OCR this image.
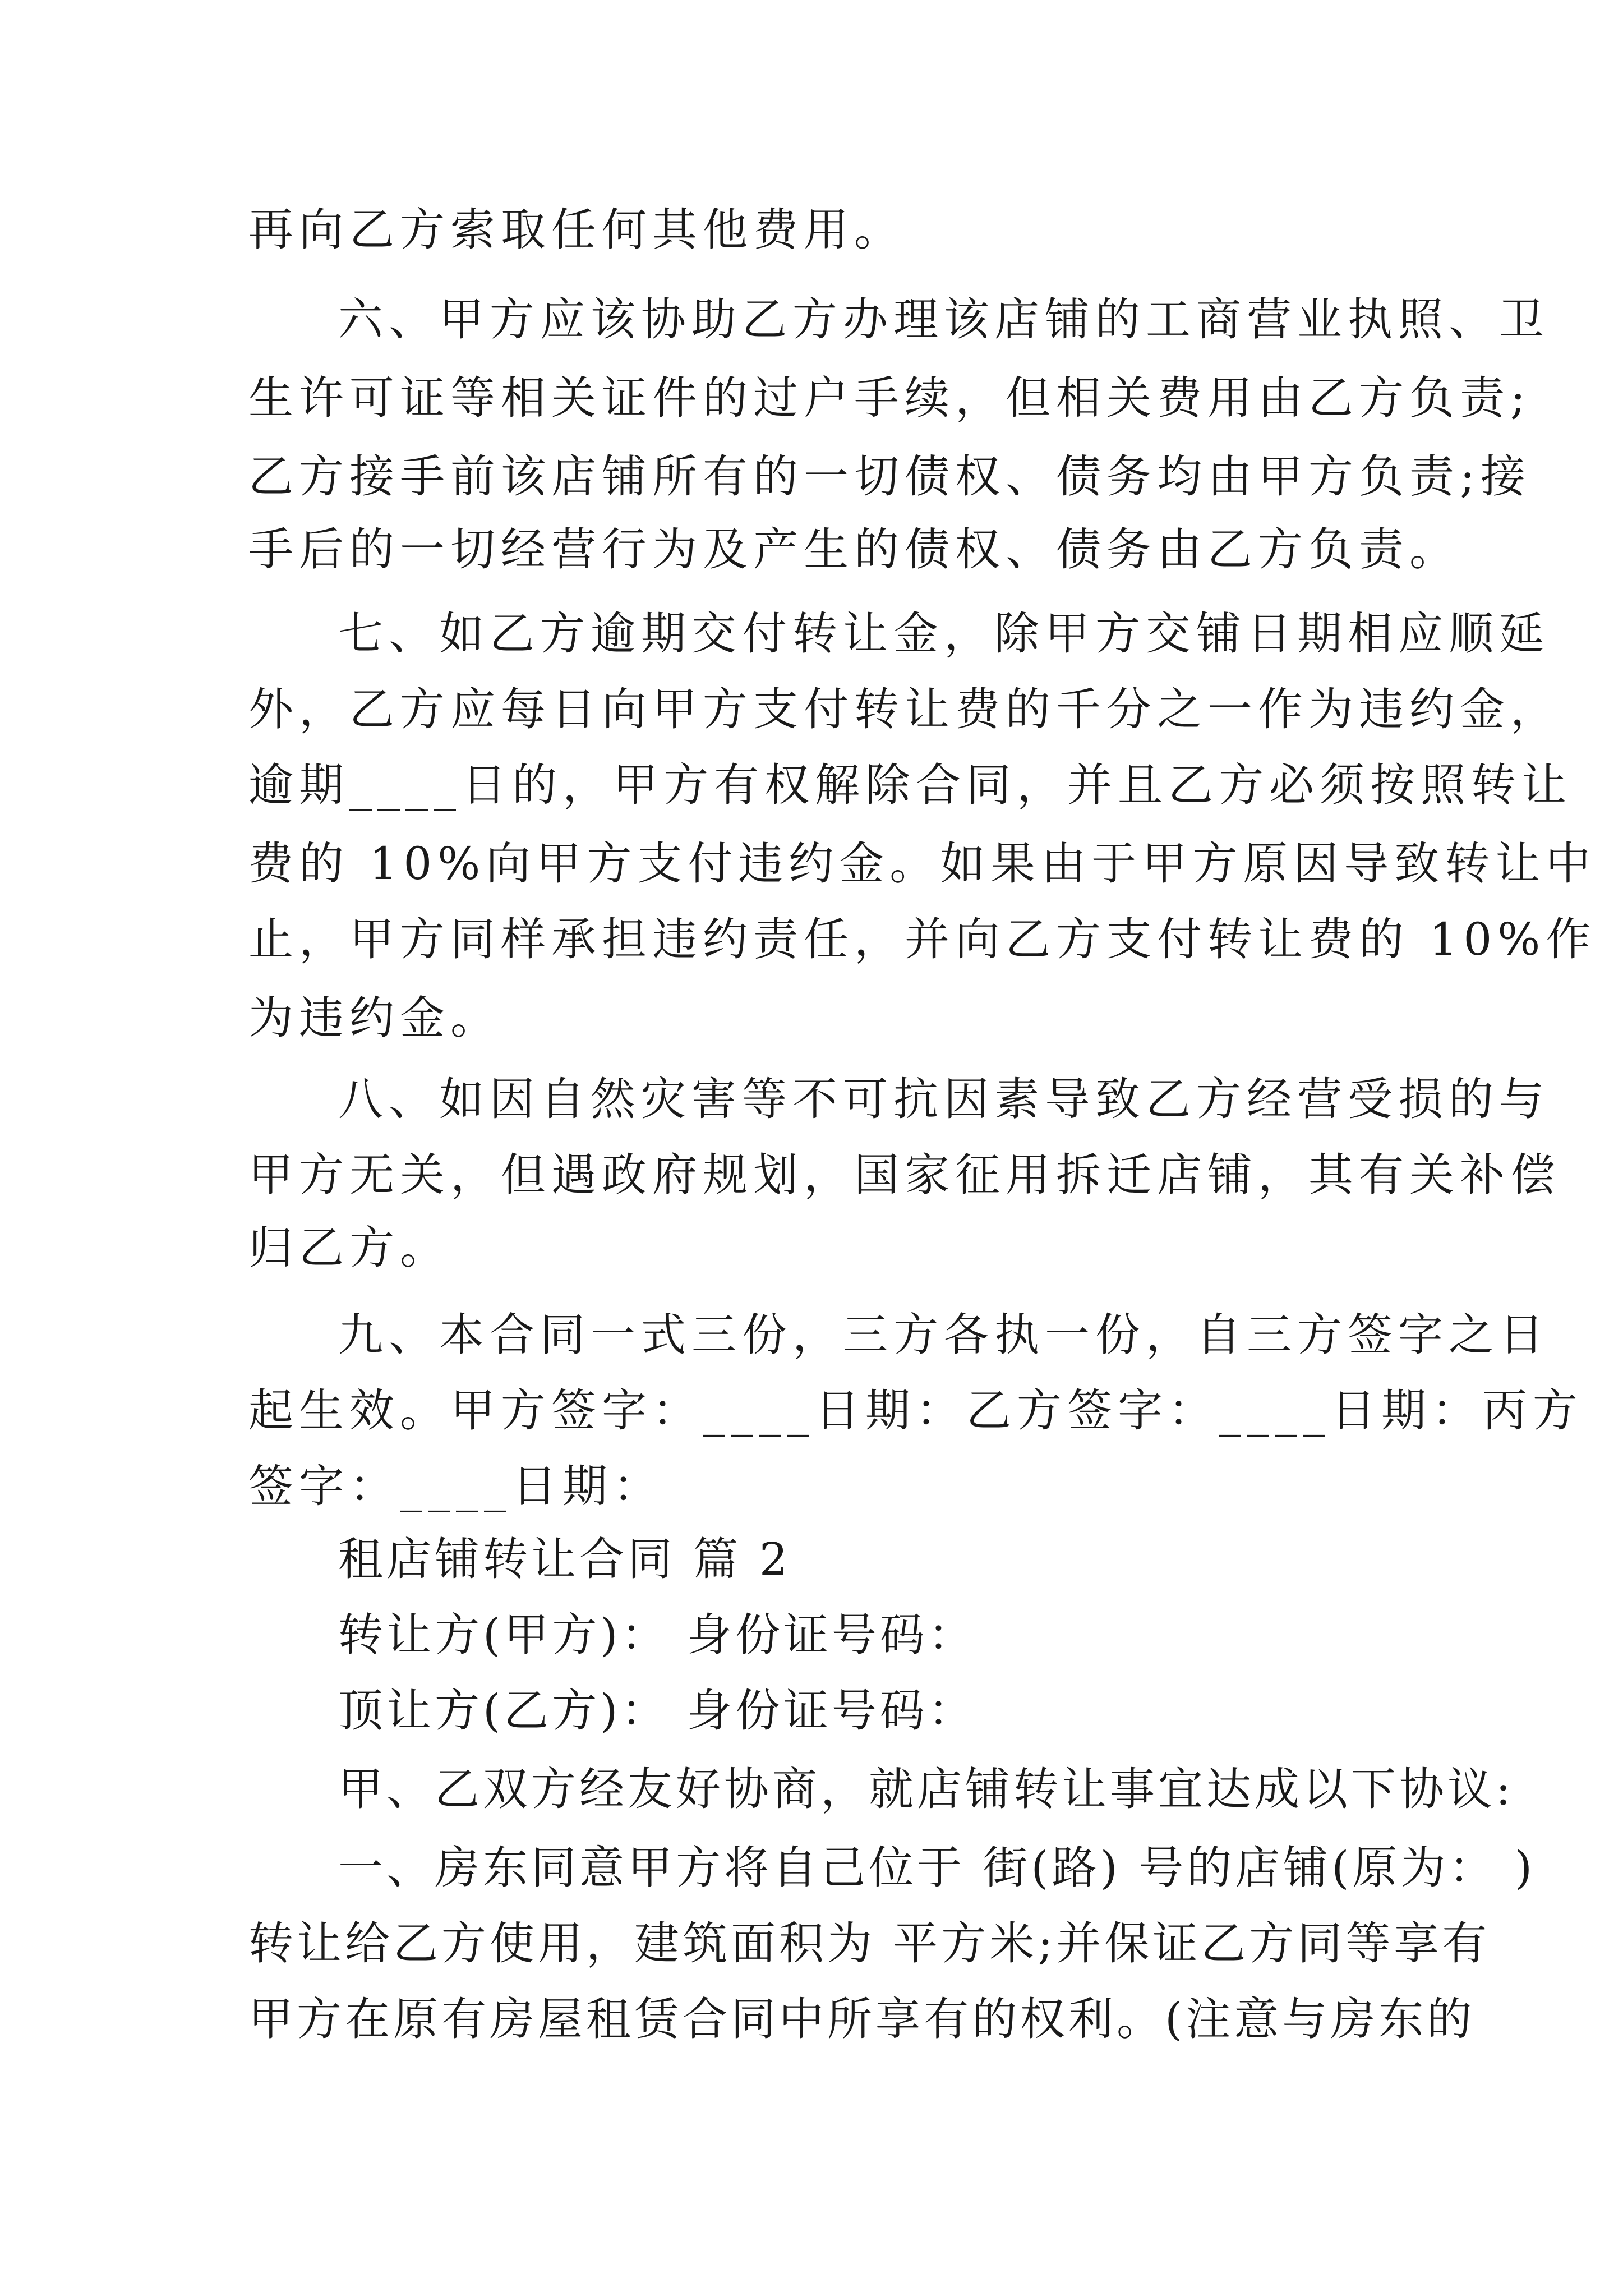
再向乙方索取任何其他费用。
六、甲方应该协助乙方办理该店铺的工商营业执照、卫
生许可证等相关证件的过户手续，但相关费用由乙方负责;
乙方接手前该店铺所有的一切债权、债务均由甲方负责;接
手后的一切经营行为及产生的债权、债务由乙方负责。
七、如乙方逾期交付转让金，除甲方交铺日期相应顺延
外，乙方应每日向甲方支付转让费的千分之一作为违约金，
逾期____日的，甲方有权解除合同，并且乙方必须按照转让
费的 10%向甲方支付违约金。如果由于甲方原因导致转让中
止，甲方同样承担违约责任，并向乙方支付转让费的 10%作
为违约金。
八、如因自然灾害等不可抗因素导致乙方经营受损的与
甲方无关，但遇政府规划，国家征用拆迁店铺，其有关补偿
归乙方。
九、本合同一式三份，三方各执一份，自三方签字之日
起生效。甲方签字：____日期：乙方签字：____日期：丙方
签字：____日期：
租店铺转让合同 篇 2
转让方(甲方)： 身份证号码：
顶让方(乙方)： 身份证号码：
甲、乙双方经友好协商，就店铺转让事宜达成以下协议:
一、房东同意甲方将自己位于 街(路) 号的店铺(原为： )
转让给乙方使用，建筑面积为 平方米;并保证乙方同等享有
甲方在原有房屋租赁合同中所享有的权利。(注意与房东的
